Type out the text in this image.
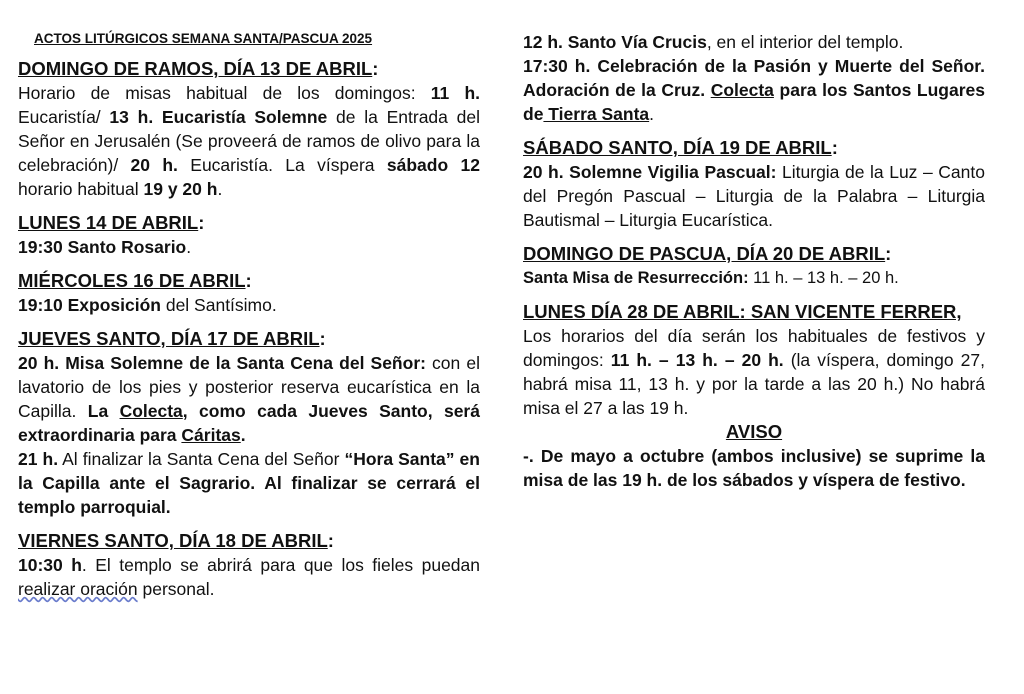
ACTOS LITÚRGICOS SEMANA SANTA/PASCUA 2025

DOMINGO DE RAMOS, DÍA 13 DE ABRIL:

Horario de misas habitual de los domingos: 11 h. Eucaristía/ 13 h. Eucaristía Solemne de la Entrada del Señor en Jerusalén (Se proveerá de ramos de olivo para la celebración)/ 20 h. Eucaristía. La víspera sábado 12 horario habitual 19 y 20 h.

LUNES 14 DE ABRIL:

19:30 Santo Rosario.

MIÉRCOLES 16 DE ABRIL:

19:10 Exposición del Santísimo.

JUEVES SANTO, DÍA 17 DE ABRIL:

20 h. Misa Solemne de la Santa Cena del Señor: con el lavatorio de los pies y posterior reserva eucarística en la Capilla. La Colecta, como cada Jueves Santo, será extraordinaria para Cáritas.

21 h. Al finalizar la Santa Cena del Señor “Hora Santa” en la Capilla ante el Sagrario. Al finalizar se cerrará el templo parroquial.

VIERNES SANTO, DÍA 18 DE ABRIL:

10:30 h. El templo se abrirá para que los fieles puedan realizar oración personal.

12 h. Santo Vía Crucis, en el interior del templo.

17:30 h. Celebración de la Pasión y Muerte del Señor. Adoración de la Cruz. Colecta para los Santos Lugares de Tierra Santa.

SÁBADO SANTO, DÍA 19 DE ABRIL:

20 h. Solemne Vigilia Pascual: Liturgia de la Luz – Canto del Pregón Pascual – Liturgia de la Palabra – Liturgia Bautismal – Liturgia Eucarística.

DOMINGO DE PASCUA, DÍA 20 DE ABRIL:

Santa Misa de Resurrección: 11 h. – 13 h. – 20 h.

LUNES DÍA 28 DE ABRIL: SAN VICENTE FERRER,

Los horarios del día serán los habituales de festivos y domingos: 11 h. – 13 h. – 20 h. (la víspera, domingo 27, habrá misa 11, 13 h. y por la tarde a las 20 h.) No habrá misa el 27 a las 19 h.

AVISO

-. De mayo a octubre (ambos inclusive) se suprime la misa de las 19 h. de los sábados y víspera de festivo.
